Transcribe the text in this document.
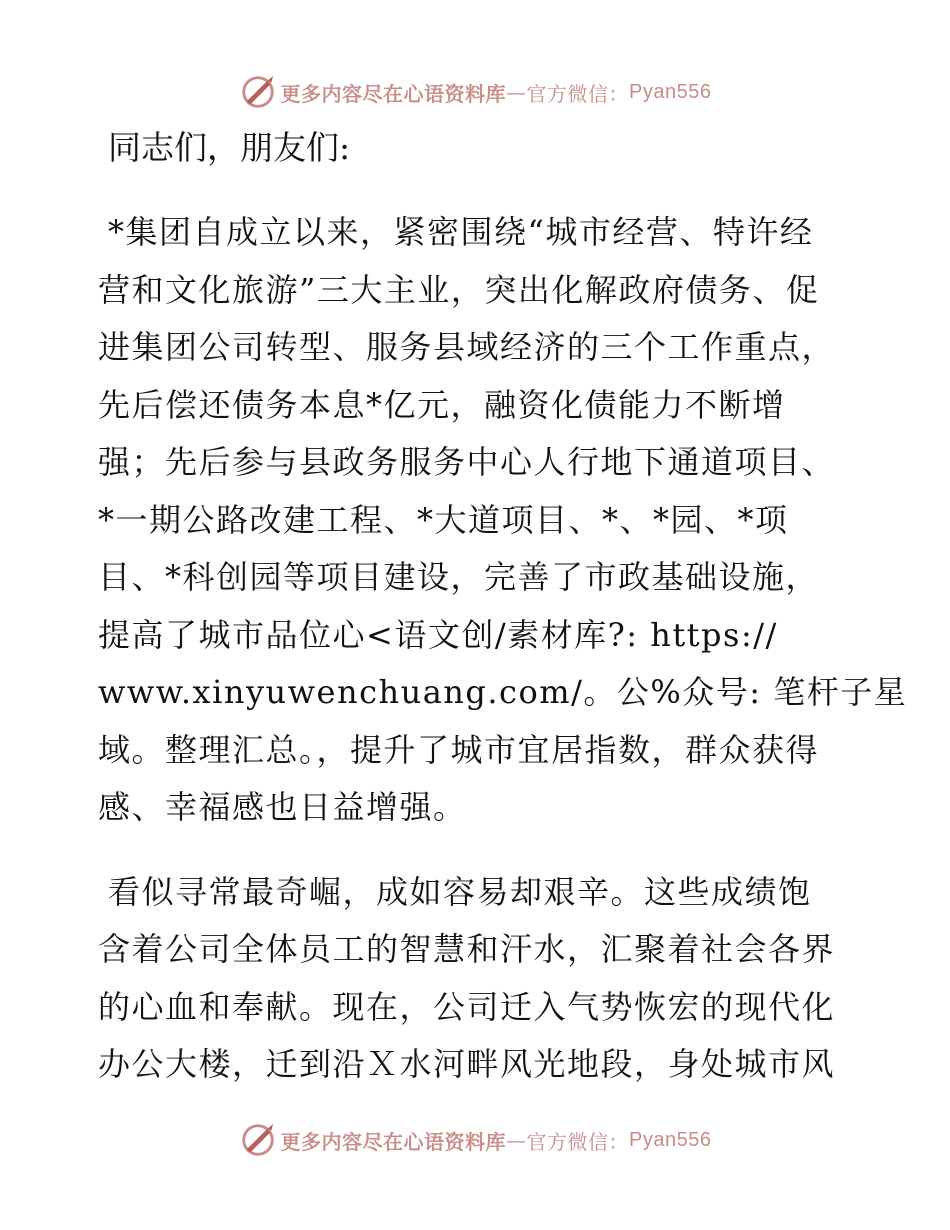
更多内容尽在心语资料库 — 官方微信： Pyan556
同志们，朋友们:
*集团自成立以来，紧密围绕“城市经营、特许经
营和文化旅游”三大主业，突出化解政府债务、促
进集团公司转型、服务县域经济的三个工作重点，
先后偿还债务本息*亿元，融资化债能力不断增
强；先后参与县政务服务中心人行地下通道项目、
*一期公路改建工程、*大道项目、*、*园、*项
目、*科创园等项目建设，完善了市政基础设施，
提高了城市品位心<语文创/素材库?: https://
www.xinyuwenchuang.com/。公%众号: 笔杆子星
域。整理汇总。，提升了城市宜居指数，群众获得
感、幸福感也日益增强。
看似寻常最奇崛，成如容易却艰辛。这些成绩饱
含着公司全体员工的智慧和汗水，汇聚着社会各界
的心血和奉献。现在，公司迁入气势恢宏的现代化
办公大楼，迁到沿Ｘ水河畔风光地段，身处城市风
更多内容尽在心语资料库 — 官方微信： Pyan556
